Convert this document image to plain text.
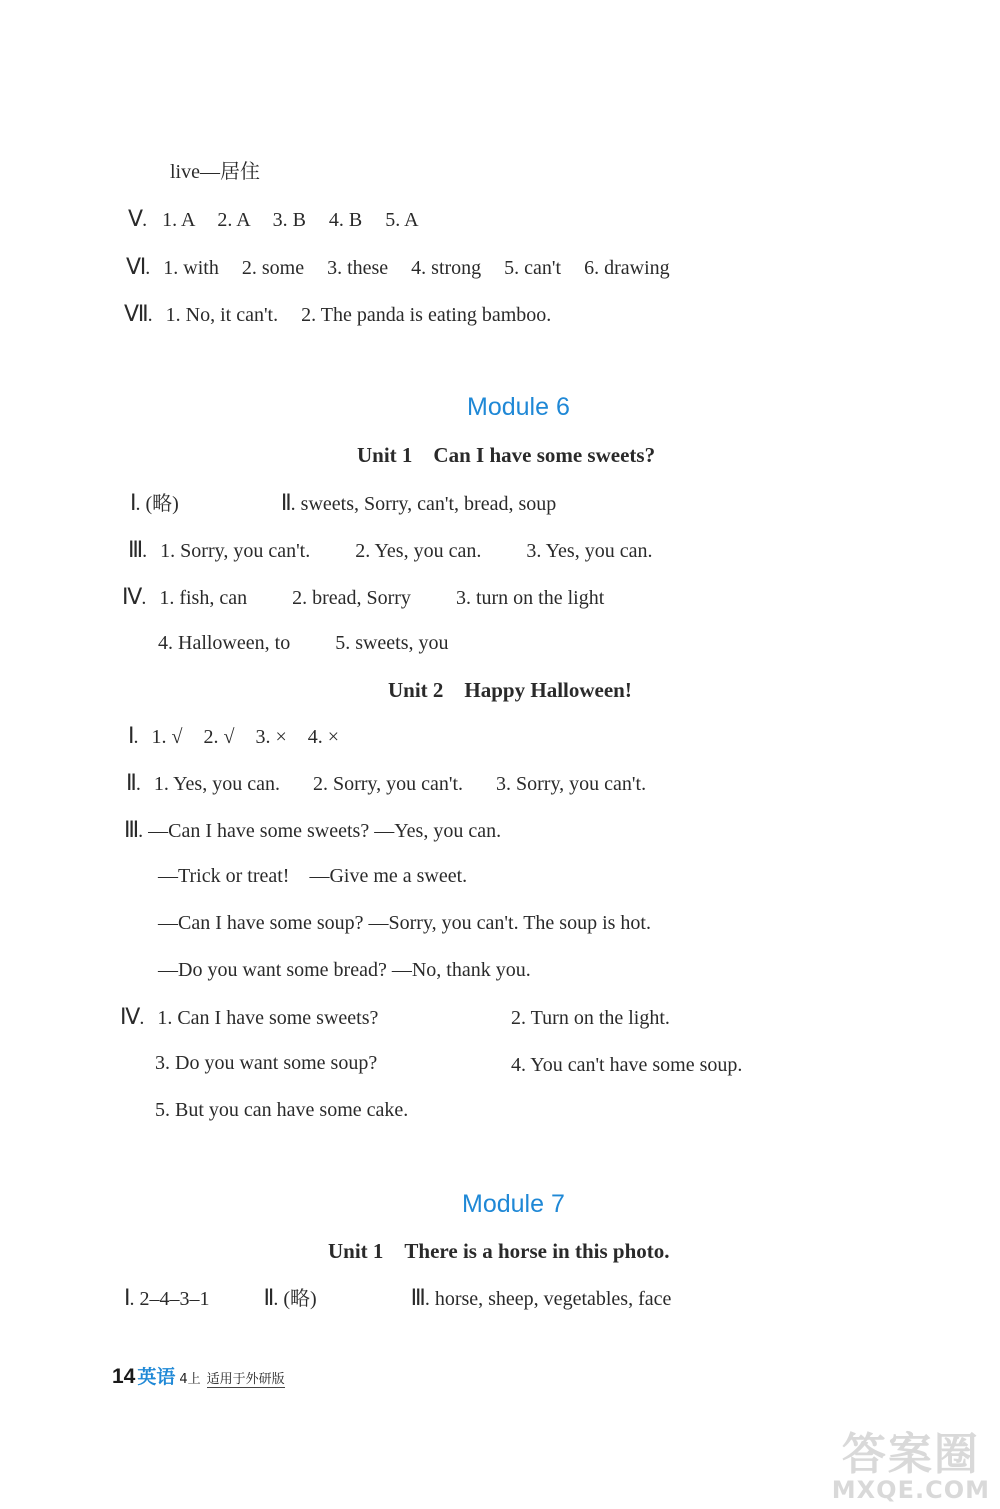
live—居住
Ⅴ. 1. A 2. A 3. B 4. B 5. A
Ⅵ. 1. with 2. some 3. these 4. strong 5. can't 6. drawing
Ⅶ. 1. No, it can't. 2. The panda is eating bamboo.
Module 6
Unit 1　Can I have some sweets?
Ⅰ. (略)	Ⅱ. sweets, Sorry, can't, bread, soup
Ⅲ. 1. Sorry, you can't. 2. Yes, you can. 3. Yes, you can.
Ⅳ. 1. fish, can 2. bread, Sorry 3. turn on the light
4. Halloween, to 5. sweets, you
Unit 2　Happy Halloween!
Ⅰ. 1. √ 2. √ 3. × 4. ×
Ⅱ. 1. Yes, you can. 2. Sorry, you can't. 3. Sorry, you can't.
Ⅲ. —Can I have some sweets? —Yes, you can.
—Trick or treat!　—Give me a sweet.
—Can I have some soup? —Sorry, you can't. The soup is hot.
—Do you want some bread? —No, thank you.
Ⅳ. 1. Can I have some sweets?	2. Turn on the light.
3. Do you want some soup?	4. You can't have some soup.
5. But you can have some cake.
Module 7
Unit 1　There is a horse in this photo.
Ⅰ. 2–4–3–1 Ⅱ. (略)	Ⅲ. horse, sheep, vegetables, face
14 英语 4上 适用于外研版
答案圈
MXQE.COM
